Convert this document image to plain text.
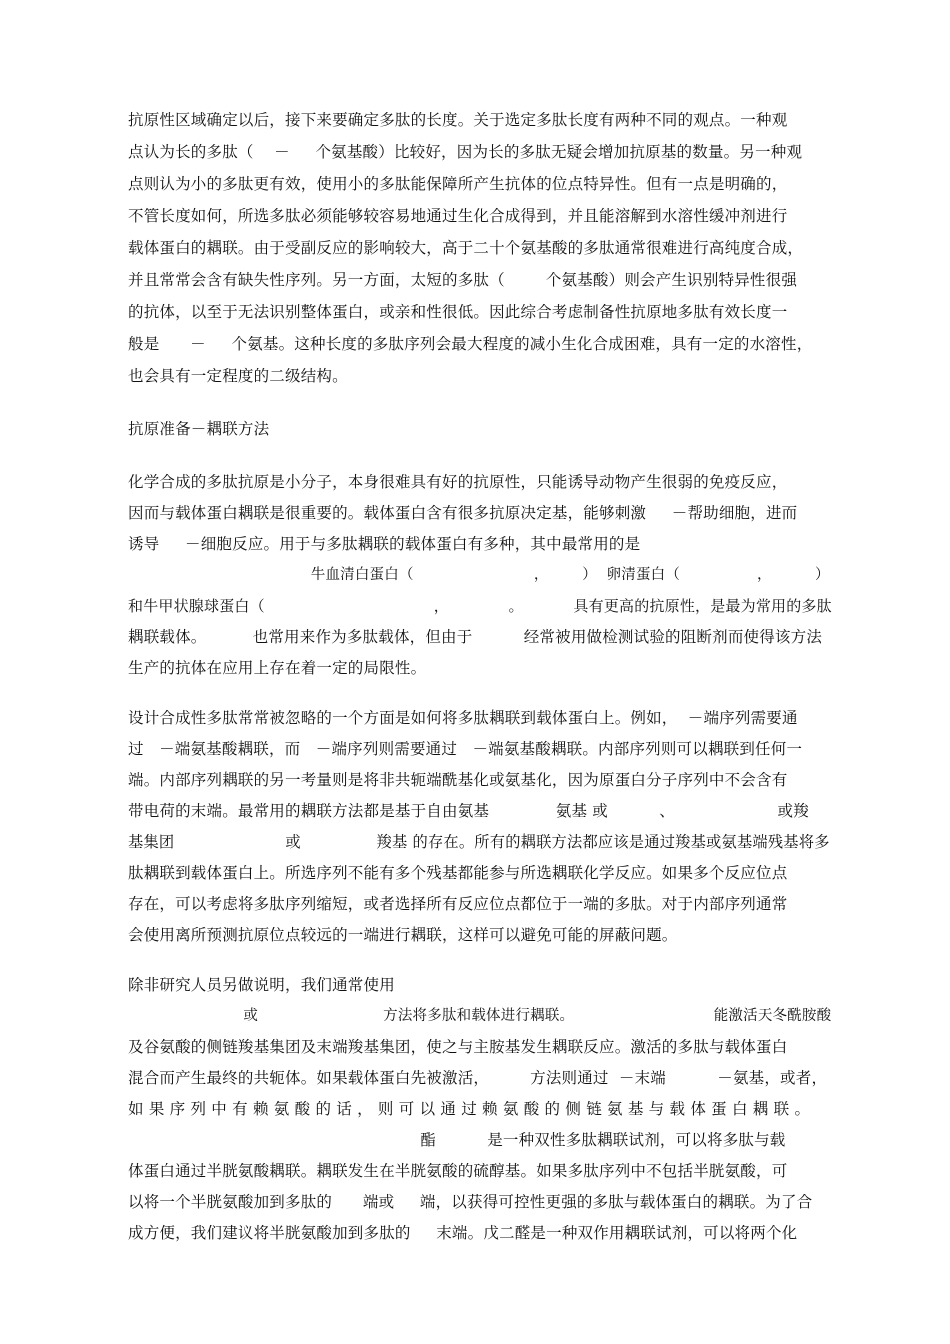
抗原性区域确定以后，接下来要确定多肽的长度。关于选定多肽长度有两种不同的观点。一种观

点认为长的多肽（    －     个氨基酸）比较好，因为长的多肽无疑会增加抗原基的数量。另一种观

点则认为小的多肽更有效，使用小的多肽能保障所产生抗体的位点特异性。但有一点是明确的，

不管长度如何，所选多肽必须能够较容易地通过生化合成得到，并且能溶解到水溶性缓冲剂进行

载体蛋白的耦联。由于受副反应的影响较大，高于二十个氨基酸的多肽通常很难进行高纯度合成，

并且常常会含有缺失性序列。另一方面，太短的多肽（        个氨基酸）则会产生识别特异性很强

的抗体，以至于无法识别整体蛋白，或亲和性很低。因此综合考虑制备性抗原地多肽有效长度一

般是      －     个氨基。这种长度的多肽序列会最大程度的减小生化合成困难，具有一定的水溶性，

也会具有一定程度的二级结构。

抗原准备－耦联方法

化学合成的多肽抗原是小分子，本身很难具有好的抗原性，只能诱导动物产生很弱的免疫反应，

因而与载体蛋白耦联是很重要的。载体蛋白含有很多抗原决定基，能够刺激     －帮助细胞，进而

诱导     －细胞反应。用于与多肽耦联的载体蛋白有多种，其中最常用的是

牛血清白蛋白（                         ，       ）  卵清蛋白（                ，         ）

和牛甲状腺球蛋白（                                  ，            。          具有更高的抗原性，是最为常用的多肽

耦联载体。         也常用来作为多肽载体，但由于          经常被用做检测试验的阻断剂而使得该方法

生产的抗体在应用上存在着一定的局限性。

设计合成性多肽常常被忽略的一个方面是如何将多肽耦联到载体蛋白上。例如，  －端序列需要通

过   －端氨基酸耦联，而   －端序列则需要通过   －端氨基酸耦联。内部序列则可以耦联到任何一

端。内部序列耦联的另一考量则是将非共轭端酰基化或氨基化，因为原蛋白分子序列中不会含有

带电荷的末端。最常用的耦联方法都是基于自由氨基             氨基 或          、                    或羧

基集团                      或               羧基 的存在。所有的耦联方法都应该是通过羧基或氨基端残基将多

肽耦联到载体蛋白上。所选序列不能有多个残基都能参与所选耦联化学反应。如果多个反应位点

存在，可以考虑将多肽序列缩短，或者选择所有反应位点都位于一端的多肽。对于内部序列通常

会使用离所预测抗原位点较远的一端进行耦联，这样可以避免可能的屏蔽问题。

除非研究人员另做说明，我们通常使用

或                          方法将多肽和载体进行耦联。                             能激活天冬酰胺酸

及谷氨酸的侧链羧基集团及末端羧基集团，使之与主胺基发生耦联反应。激活的多肽与载体蛋白

混合而产生最终的共轭体。如果载体蛋白先被激活，        方法则通过  －末端          －氨基，或者，

如 果 序 列 中 有 赖 氨 酸 的 话 ， 则 可 以 通 过 赖 氨 酸 的 侧 链 氨 基 与 载 体 蛋 白 耦 联 。

酯          是一种双性多肽耦联试剂，可以将多肽与载

体蛋白通过半胱氨酸耦联。耦联发生在半胱氨酸的硫醇基。如果多肽序列中不包括半胱氨酸，可

以将一个半胱氨酸加到多肽的      端或     端，以获得可控性更强的多肽与载体蛋白的耦联。为了合

成方便，我们建议将半胱氨酸加到多肽的     末端。戊二醛是一种双作用耦联试剂，可以将两个化
